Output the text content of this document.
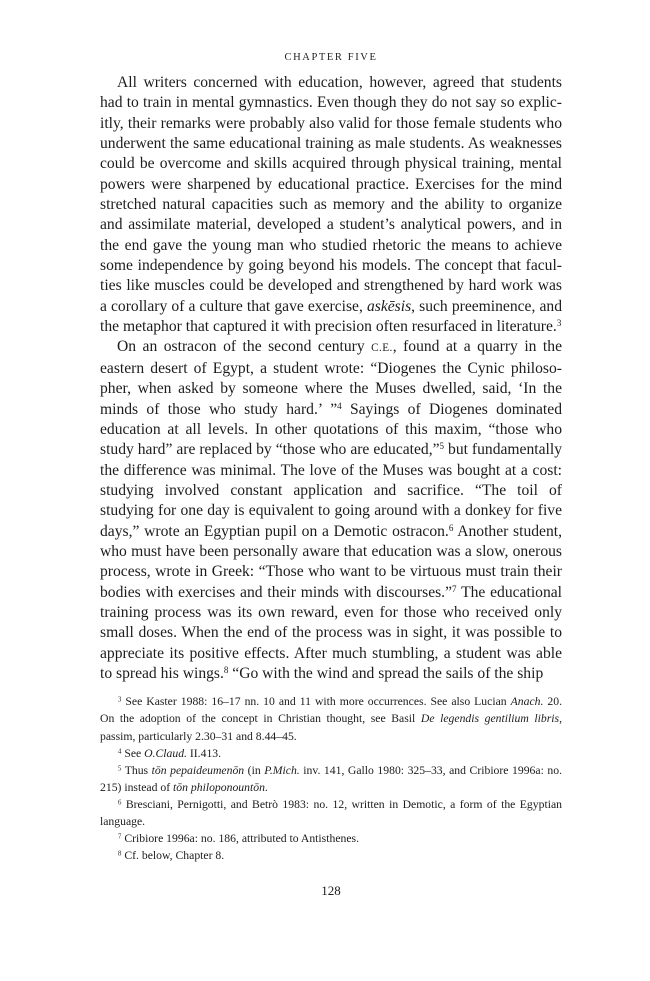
CHAPTER FIVE

All writers concerned with education, however, agreed that students had to train in mental gymnastics. Even though they do not say so explicitly, their remarks were probably also valid for those female students who underwent the same educational training as male students. As weaknesses could be overcome and skills acquired through physical training, mental powers were sharpened by educational practice. Exercises for the mind stretched natural capacities such as memory and the ability to organize and assimilate material, developed a student’s analytical powers, and in the end gave the young man who studied rhetoric the means to achieve some independence by going beyond his models. The concept that faculties like muscles could be developed and strengthened by hard work was a corollary of a culture that gave exercise, askēsis, such preeminence, and the metaphor that captured it with precision often resurfaced in literature.$^3$

On an ostracon of the second century C.E., found at a quarry in the eastern desert of Egypt, a student wrote: “Diogenes the Cynic philosopher, when asked by someone where the Muses dwelled, said, ‘In the minds of those who study hard.’ ”$^4$ Sayings of Diogenes dominated education at all levels. In other quotations of this maxim, “those who study hard” are replaced by “those who are educated,”$^5$ but fundamentally the difference was minimal. The love of the Muses was bought at a cost: studying involved constant application and sacrifice. “The toil of studying for one day is equivalent to going around with a donkey for five days,” wrote an Egyptian pupil on a Demotic ostracon.$^6$ Another student, who must have been personally aware that education was a slow, onerous process, wrote in Greek: “Those who want to be virtuous must train their bodies with exercises and their minds with discourses.”$^7$ The educational training process was its own reward, even for those who received only small doses. When the end of the process was in sight, it was possible to appreciate its positive effects. After much stumbling, a student was able to spread his wings.$^8$ “Go with the wind and spread the sails of the ship

$^3$ See Kaster 1988: 16–17 nn. 10 and 11 with more occurrences. See also Lucian Anach. 20. On the adoption of the concept in Christian thought, see Basil De legendis gentilium libris, passim, particularly 2.30–31 and 8.44–45.

$^4$ See O.Claud. II.413.

$^5$ Thus tōn pepaideumenōn (in P.Mich. inv. 141, Gallo 1980: 325–33, and Cribiore 1996a: no. 215) instead of tōn philoponountōn.

$^6$ Bresciani, Pernigotti, and Betrò 1983: no. 12, written in Demotic, a form of the Egyptian language.

$^7$ Cribiore 1996a: no. 186, attributed to Antisthenes.

$^8$ Cf. below, Chapter 8.

128
